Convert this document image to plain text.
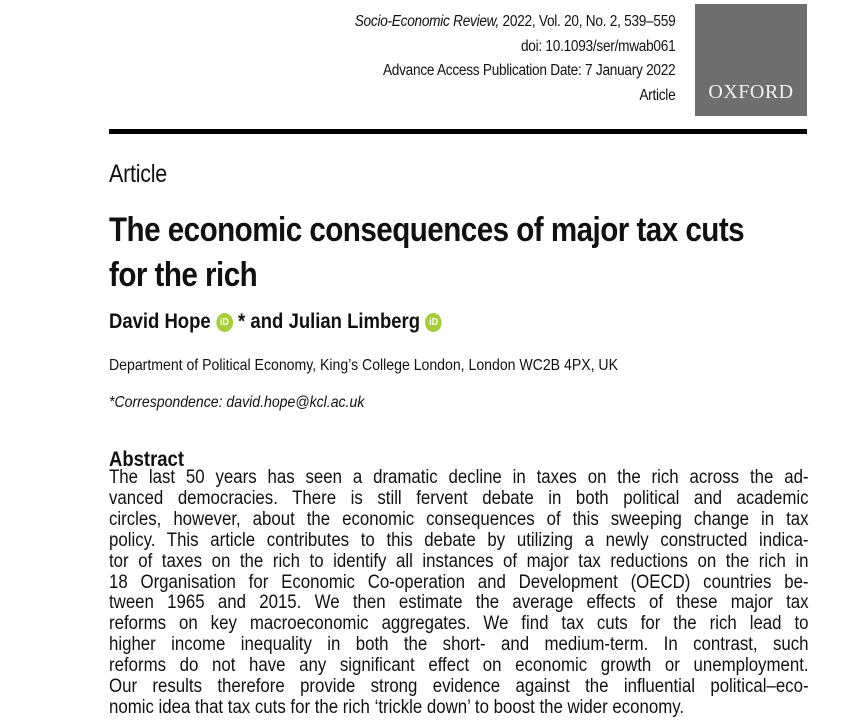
Socio-Economic Review, 2022, Vol. 20, No. 2, 539–559
doi: 10.1093/ser/mwab061
Advance Access Publication Date: 7 January 2022
Article OXFORD
Article
The economic consequences of major tax cuts for the rich
David Hope iD * and Julian Limberg iD
Department of Political Economy, King’s College London, London WC2B 4PX, UK
*Correspondence: david.hope@kcl.ac.uk
Abstract
The last 50 years has seen a dramatic decline in taxes on the rich across the ad-
vanced democracies. There is still fervent debate in both political and academic
circles, however, about the economic consequences of this sweeping change in tax
policy. This article contributes to this debate by utilizing a newly constructed indica-
tor of taxes on the rich to identify all instances of major tax reductions on the rich in
18 Organisation for Economic Co-operation and Development (OECD) countries be-
tween 1965 and 2015. We then estimate the average effects of these major tax
reforms on key macroeconomic aggregates. We find tax cuts for the rich lead to
higher income inequality in both the short- and medium-term. In contrast, such
reforms do not have any significant effect on economic growth or unemployment.
Our results therefore provide strong evidence against the influential political–eco-
nomic idea that tax cuts for the rich ‘trickle down’ to boost the wider economy.
